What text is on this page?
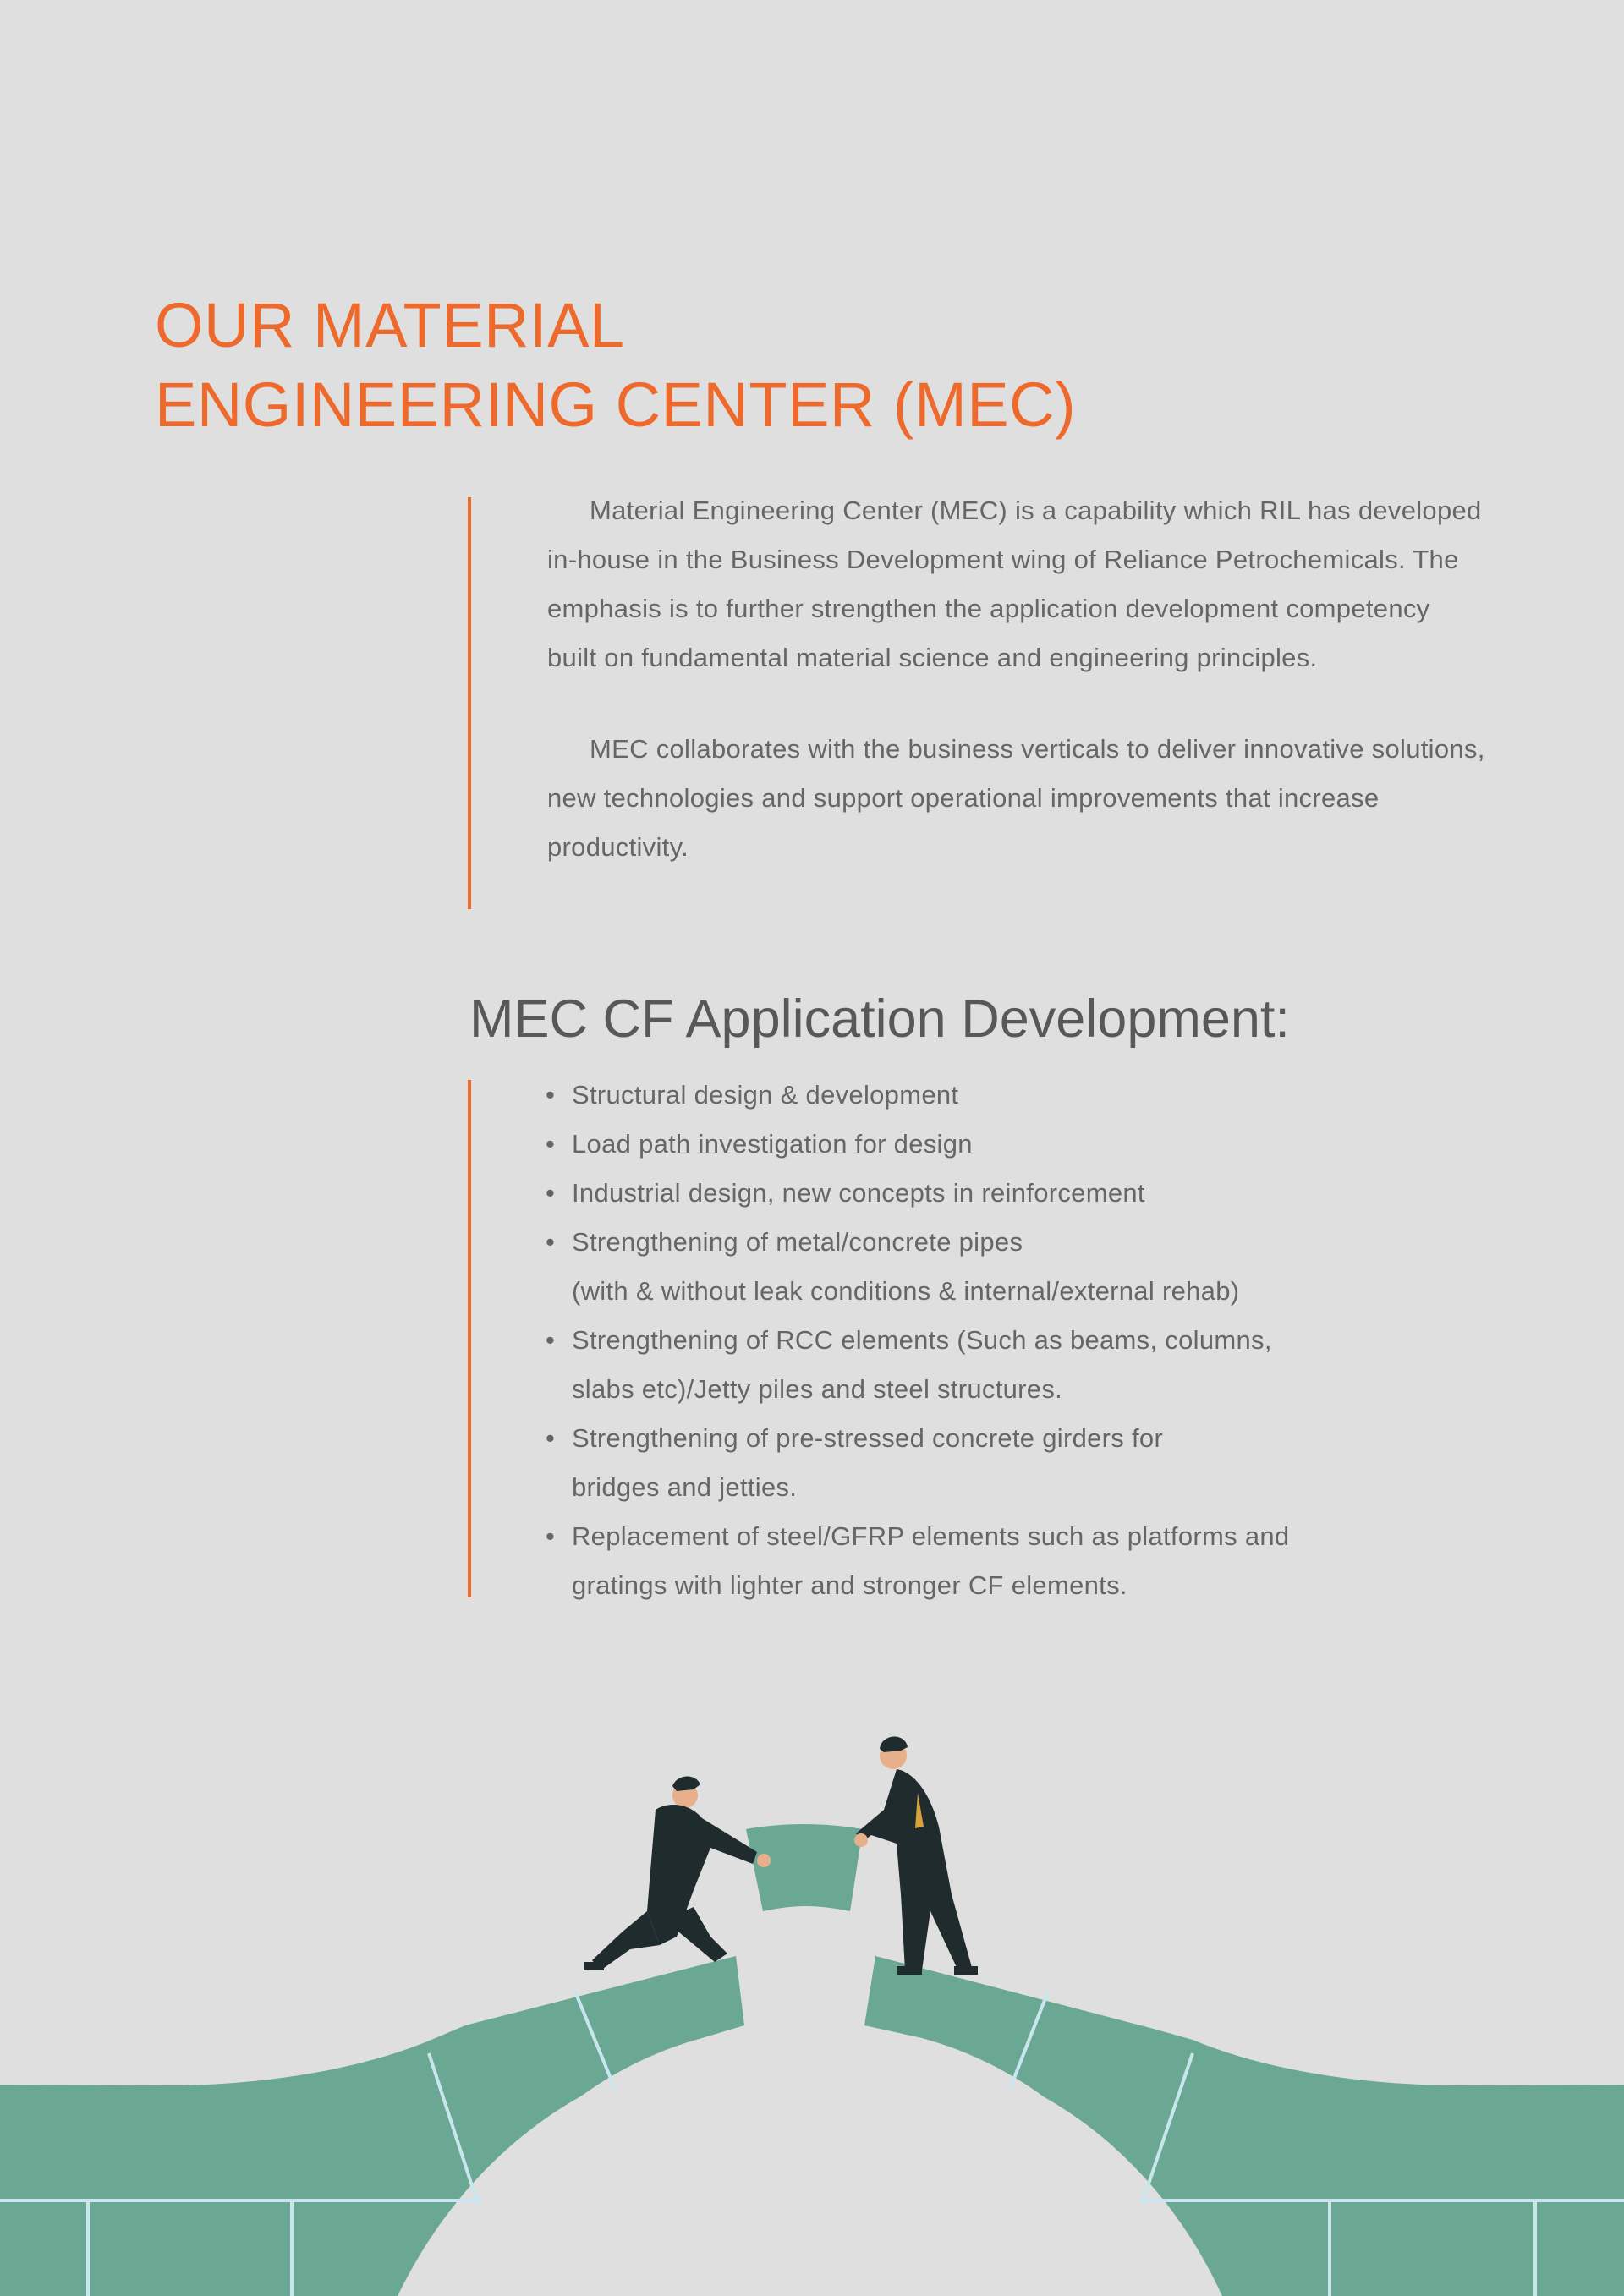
OUR MATERIAL
ENGINEERING CENTER (MEC)

Material Engineering Center (MEC) is a capability which RIL has developed in-house in the Business Development wing of Reliance Petrochemicals. The emphasis is to further strengthen the application development competency built on fundamental material science and engineering principles.

MEC collaborates with the business verticals to deliver innovative solutions, new technologies and support operational improvements that increase productivity.

MEC CF Application Development:
• Structural design & development
• Load path investigation for design
• Industrial design, new concepts in reinforcement
• Strengthening of metal/concrete pipes
(with & without leak conditions & internal/external rehab)
• Strengthening of RCC elements (Such as beams, columns,
slabs etc)/Jetty piles and steel structures.
• Strengthening of pre-stressed concrete girders for
bridges and jetties.
• Replacement of steel/GFRP elements such as platforms and
gratings with lighter and stronger CF elements.
